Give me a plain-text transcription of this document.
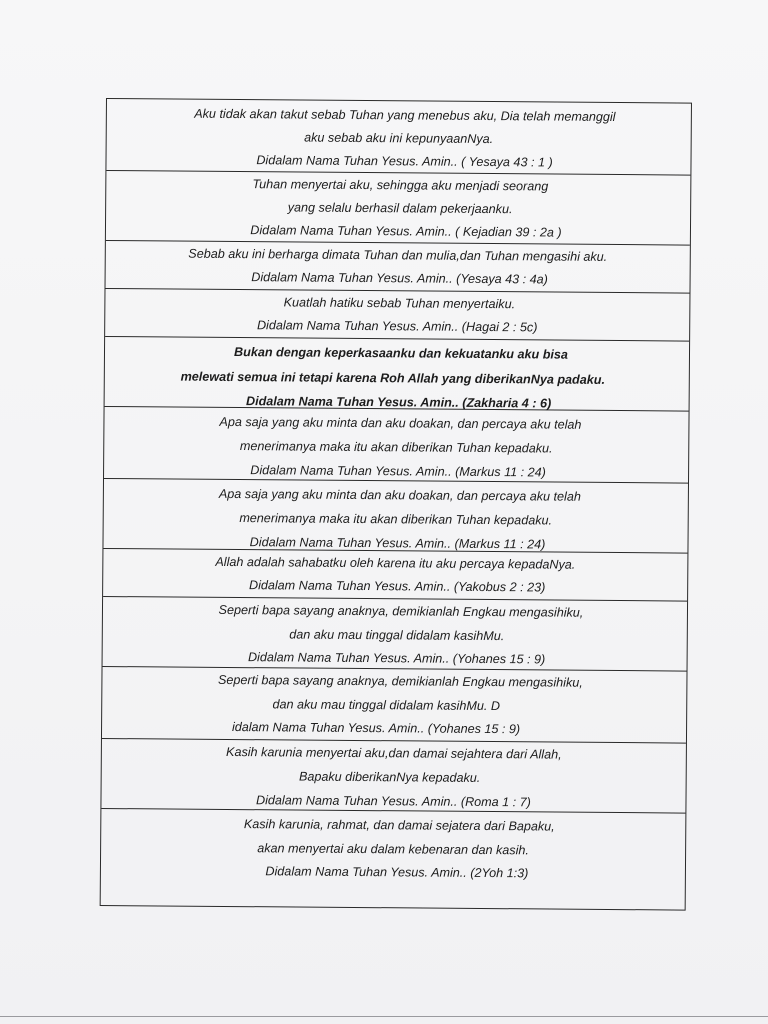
Aku tidak akan takut sebab Tuhan yang menebus aku, Dia telah memanggil
aku sebab aku ini kepunyaanNya.
Didalam Nama Tuhan Yesus. Amin.. ( Yesaya 43 : 1 )
Tuhan menyertai aku, sehingga aku menjadi seorang
yang selalu berhasil dalam pekerjaanku.
Didalam Nama Tuhan Yesus. Amin.. ( Kejadian 39 : 2a )
Sebab aku ini berharga dimata Tuhan dan mulia,dan Tuhan mengasihi aku.
Didalam Nama Tuhan Yesus. Amin.. (Yesaya 43 : 4a)
Kuatlah hatiku sebab Tuhan menyertaiku.
Didalam Nama Tuhan Yesus. Amin.. (Hagai 2 : 5c)
Bukan dengan keperkasaanku dan kekuatanku aku bisa
melewati semua ini tetapi karena Roh Allah yang diberikanNya padaku.
Didalam Nama Tuhan Yesus. Amin.. (Zakharia 4 : 6)
Apa saja yang aku minta dan aku doakan, dan percaya aku telah
menerimanya maka itu akan diberikan Tuhan kepadaku.
Didalam Nama Tuhan Yesus. Amin.. (Markus 11 : 24)
Apa saja yang aku minta dan aku doakan, dan percaya aku telah
menerimanya maka itu akan diberikan Tuhan kepadaku.
Didalam Nama Tuhan Yesus. Amin.. (Markus 11 : 24)
Allah adalah sahabatku oleh karena itu aku percaya kepadaNya.
Didalam Nama Tuhan Yesus. Amin.. (Yakobus 2 : 23)
Seperti bapa sayang anaknya, demikianlah Engkau mengasihiku,
dan aku mau tinggal didalam kasihMu.
Didalam Nama Tuhan Yesus. Amin.. (Yohanes 15 : 9)
Seperti bapa sayang anaknya, demikianlah Engkau mengasihiku,
dan aku mau tinggal didalam kasihMu. D
idalam Nama Tuhan Yesus. Amin.. (Yohanes 15 : 9)
Kasih karunia menyertai aku,dan damai sejahtera dari Allah,
Bapaku diberikanNya kepadaku.
Didalam Nama Tuhan Yesus. Amin.. (Roma 1 : 7)
Kasih karunia, rahmat, dan damai sejatera dari Bapaku,
akan menyertai aku dalam kebenaran dan kasih.
Didalam Nama Tuhan Yesus. Amin.. (2Yoh 1:3)
